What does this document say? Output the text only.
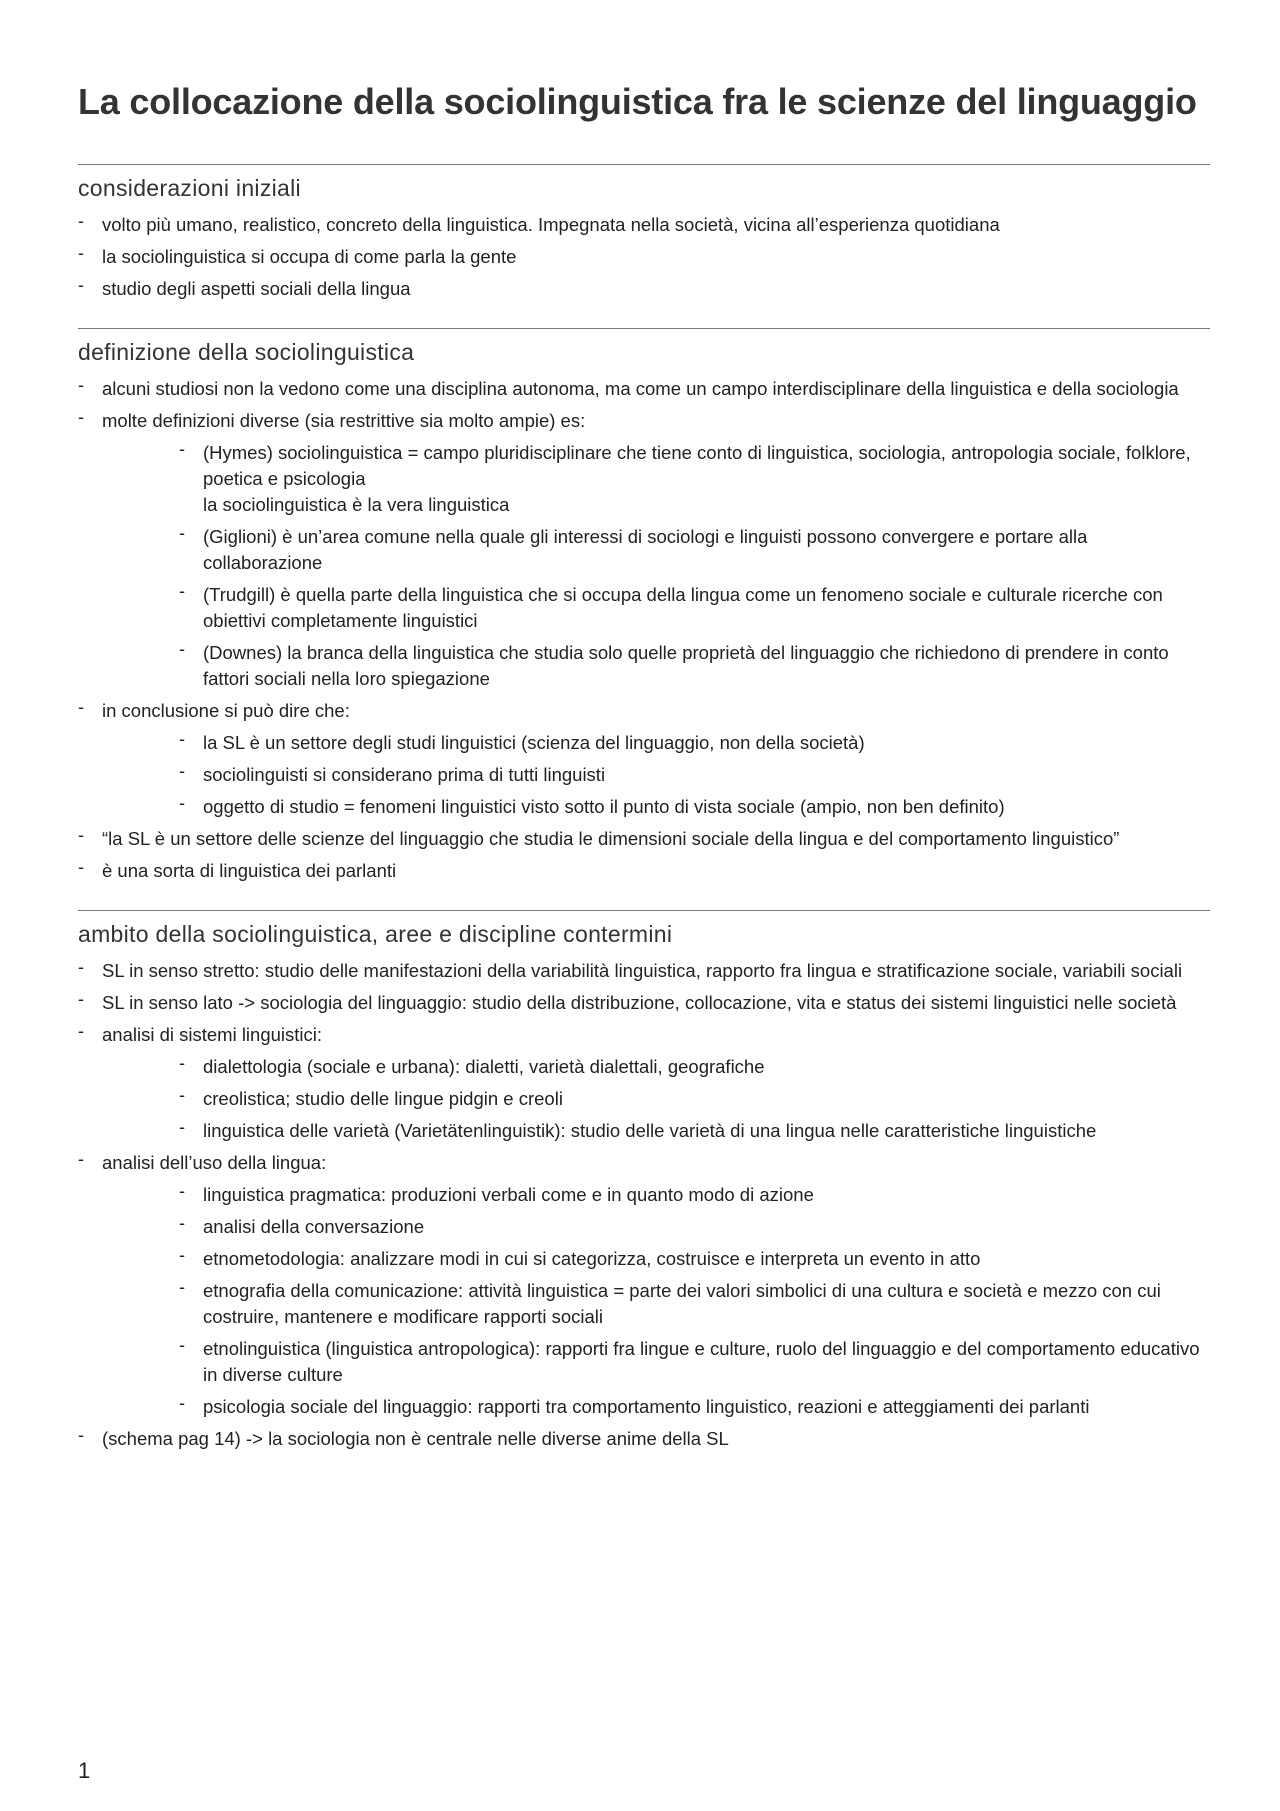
La collocazione della sociolinguistica fra le scienze del linguaggio
considerazioni iniziali
- volto più umano, realistico, concreto della linguistica. Impegnata nella società, vicina all’esperienza quotidiana
- la sociolinguistica si occupa di come parla la gente
- studio degli aspetti sociali della lingua
definizione della sociolinguistica
- alcuni studiosi non la vedono come una disciplina autonoma, ma come un campo interdisciplinare della linguistica e della sociologia
- molte definizioni diverse (sia restrittive sia molto ampie) es:
- (Hymes) sociolinguistica = campo pluridisciplinare che tiene conto di linguistica, sociologia, antropologia sociale, folklore, poetica e psicologia
la sociolinguistica è la vera linguistica
- (Giglioni) è un’area comune nella quale gli interessi di sociologi e linguisti possono convergere e portare alla collaborazione
- (Trudgill) è quella parte della linguistica che si occupa della lingua come un fenomeno sociale e culturale ricerche con obiettivi completamente linguistici
- (Downes) la branca della linguistica che studia solo quelle proprietà del linguaggio che richiedono di prendere in conto fattori sociali nella loro spiegazione
- in conclusione si può dire che:
- la SL è un settore degli studi linguistici (scienza del linguaggio, non della società)
- sociolinguisti si considerano prima di tutti linguisti
- oggetto di studio = fenomeni linguistici visto sotto il punto di vista sociale (ampio, non ben definito)
- “la SL è un settore delle scienze del linguaggio che studia le dimensioni sociale della lingua e del comportamento linguistico”
- è una sorta di linguistica dei parlanti
ambito della sociolinguistica, aree e discipline contermini
- SL in senso stretto: studio delle manifestazioni della variabilità linguistica, rapporto fra lingua e stratificazione sociale, variabili sociali
- SL in senso lato -> sociologia del linguaggio: studio della distribuzione, collocazione, vita e status dei sistemi linguistici nelle società
- analisi di sistemi linguistici:
- dialettologia (sociale e urbana): dialetti, varietà dialettali, geografiche
- creolistica; studio delle lingue pidgin e creoli
- linguistica delle varietà (Varietätenlinguistik): studio delle varietà di una lingua nelle caratteristiche linguistiche
- analisi dell’uso della lingua:
- linguistica pragmatica: produzioni verbali come e in quanto modo di azione
- analisi della conversazione
- etnometodologia: analizzare modi in cui si categorizza, costruisce e interpreta un evento in atto
- etnografia della comunicazione: attività linguistica = parte dei valori simbolici di una cultura e società e mezzo con cui costruire, mantenere e modificare rapporti sociali
- etnolinguistica (linguistica antropologica): rapporti fra lingue e culture, ruolo del linguaggio e del comportamento educativo in diverse culture
- psicologia sociale del linguaggio: rapporti tra comportamento linguistico, reazioni e atteggiamenti dei parlanti
- (schema pag 14) -> la sociologia non è centrale nelle diverse anime della SL
1
